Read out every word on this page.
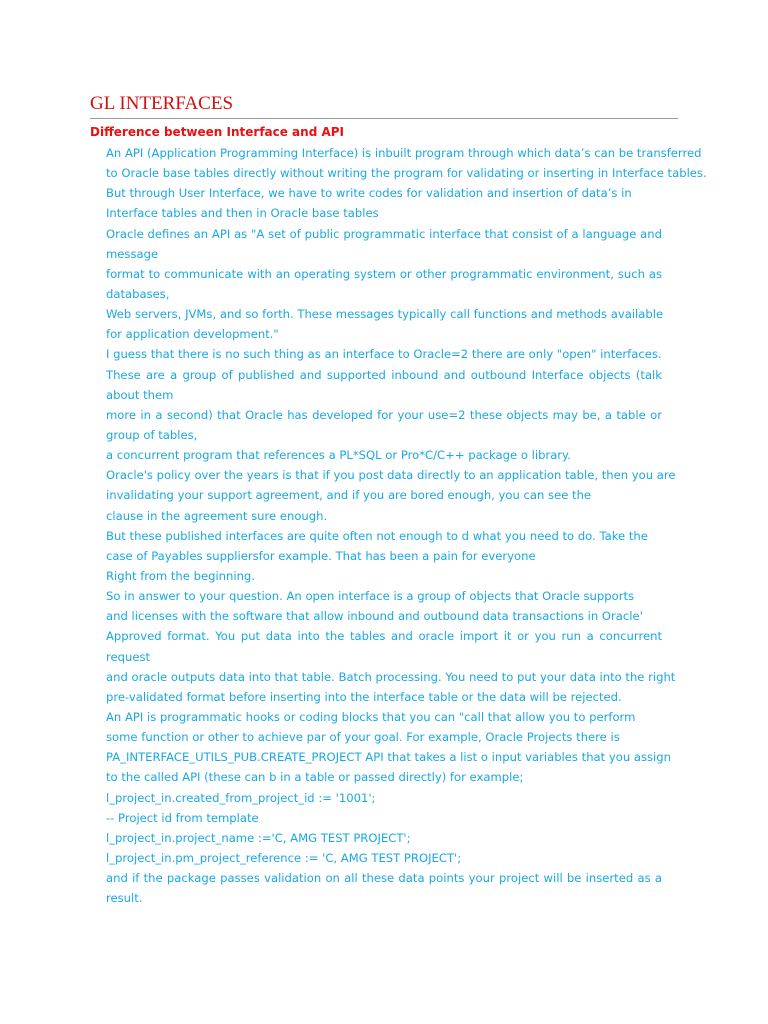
GL INTERFACES
Difference between Interface and API
An API (Application Programming Interface) is inbuilt program through which data’s can be transferred
to Oracle base tables directly without writing the program for validating or inserting in Interface tables.
But through User Interface, we have to write codes for validation and insertion of data’s in
Interface tables and then in Oracle base tables
Oracle defines an API as "A set of public programmatic interface that consist of a language and
message
format to communicate with an operating system or other programmatic environment, such as
databases,
Web servers, JVMs, and so forth. These messages typically call functions and methods available
for application development."
I guess that there is no such thing as an interface to Oracle=2 there are only "open" interfaces.
These are a group of published and supported inbound and outbound Interface objects (talk
about them
more in a second) that Oracle has developed for your use=2 these objects may be, a table or
group of tables,
a concurrent program that references a PL*SQL or Pro*C/C++ package o library.
Oracle's policy over the years is that if you post data directly to an application table, then you are
invalidating your support agreement, and if you are bored enough, you can see the
clause in the agreement sure enough.
But these published interfaces are quite often not enough to d what you need to do. Take the
case of Payables suppliersfor example. That has been a pain for everyone
Right from the beginning.
So in answer to your question. An open interface is a group of objects that Oracle supports
and licenses with the software that allow inbound and outbound data transactions in Oracle'
Approved format. You put data into the tables and oracle import it or you run a concurrent
request
and oracle outputs data into that table. Batch processing. You need to put your data into the right
pre-validated format before inserting into the interface table or the data will be rejected.
An API is programmatic hooks or coding blocks that you can "call that allow you to perform
some function or other to achieve par of your goal. For example, Oracle Projects there is
PA_INTERFACE_UTILS_PUB.CREATE_PROJECT API that takes a list o input variables that you assign
to the called API (these can b in a table or passed directly) for example;
l_project_in.created_from_project_id := '1001';
-- Project id from template
l_project_in.project_name :='C, AMG TEST PROJECT';
l_project_in.pm_project_reference := 'C, AMG TEST PROJECT';
and if the package passes validation on all these data points your project will be inserted as a
result.
